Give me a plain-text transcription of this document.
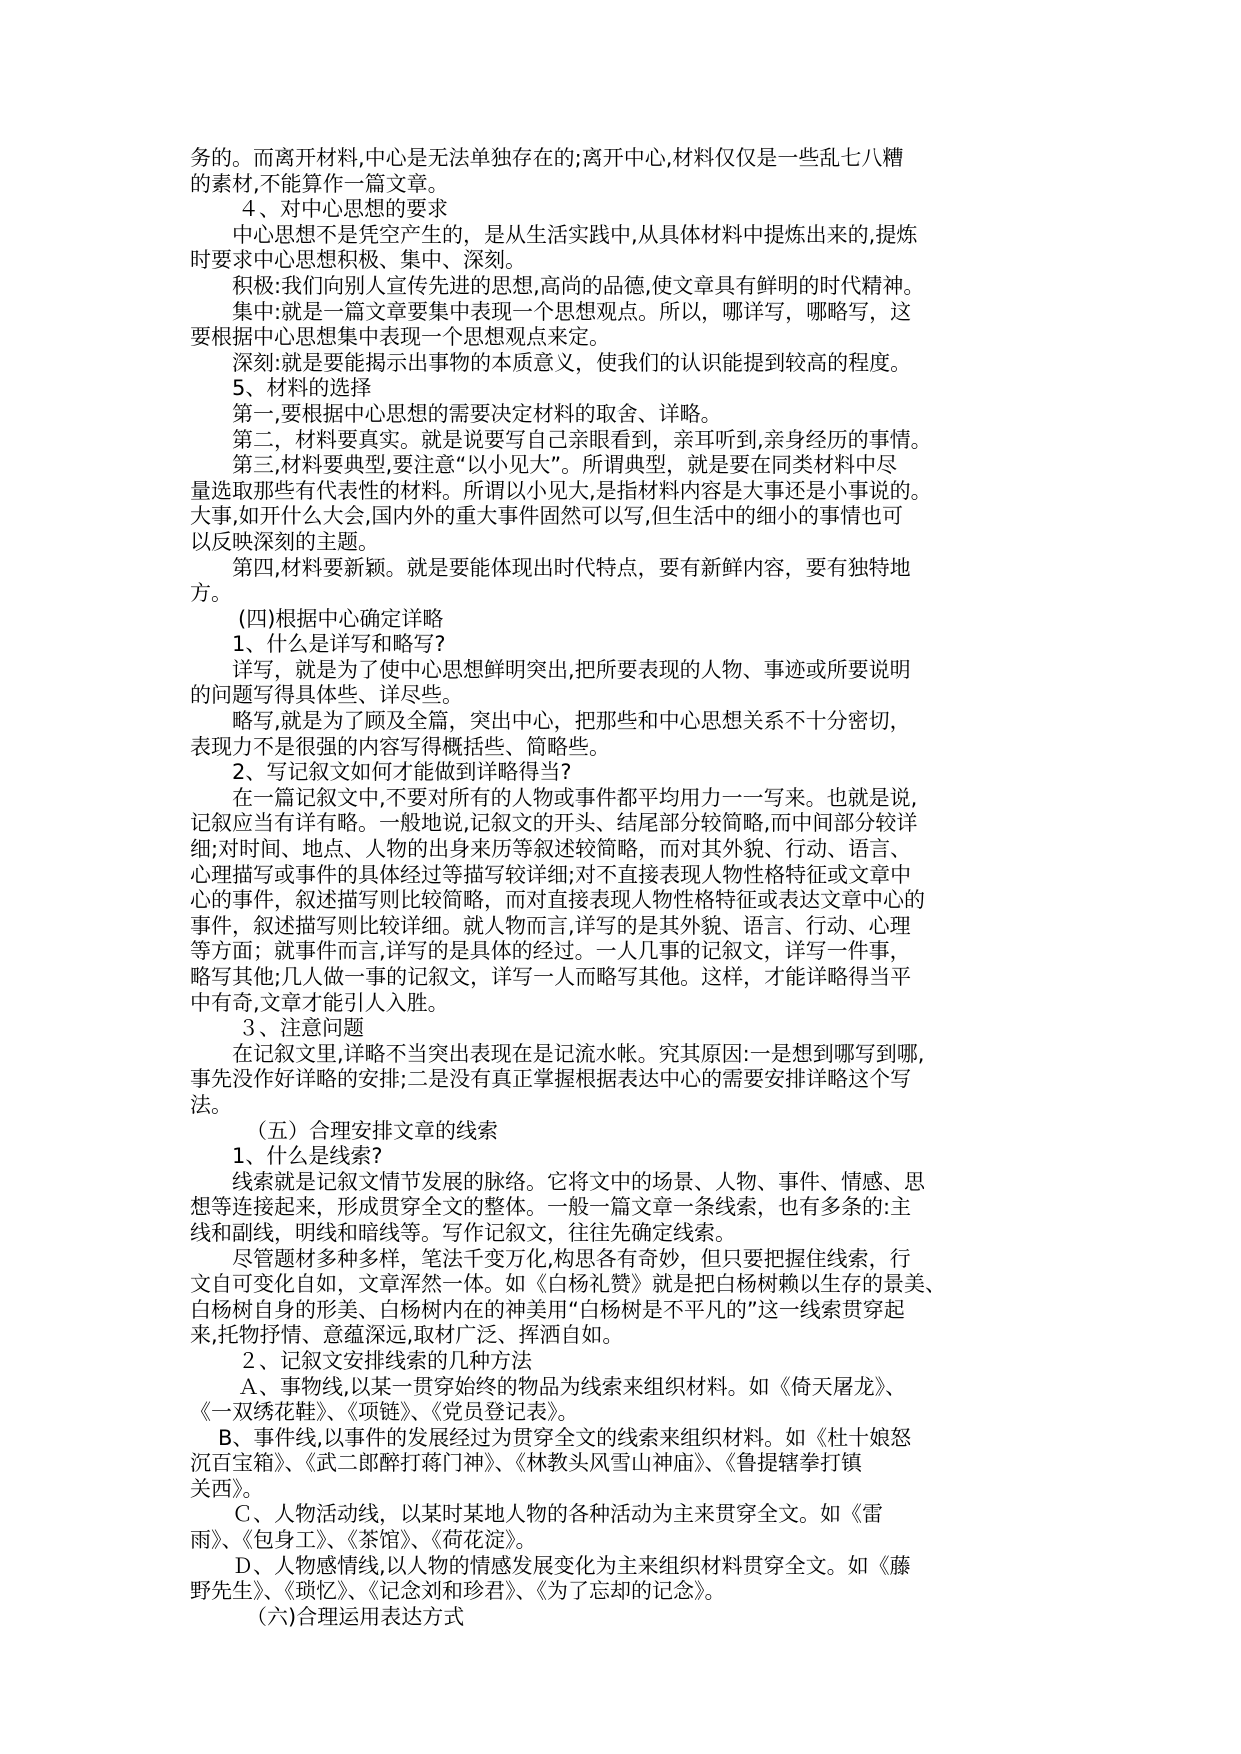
务的。而离开材料,中心是无法单独存在的;离开中心,材料仅仅是一些乱七八糟
的素材,不能算作一篇文章。
４、对中心思想的要求
中心思想不是凭空产生的，是从生活实践中,从具体材料中提炼出来的,提炼
时要求中心思想积极、集中、深刻。
积极:我们向别人宣传先进的思想,高尚的品德,使文章具有鲜明的时代精神。
集中:就是一篇文章要集中表现一个思想观点。所以，哪详写，哪略写，这
要根据中心思想集中表现一个思想观点来定。
深刻:就是要能揭示出事物的本质意义，使我们的认识能提到较高的程度。
5、材料的选择
第一,要根据中心思想的需要决定材料的取舍、详略。
第二，材料要真实。就是说要写自己亲眼看到，亲耳听到,亲身经历的事情。
第三,材料要典型,要注意“以小见大”。所谓典型，就是要在同类材料中尽
量选取那些有代表性的材料。所谓以小见大,是指材料内容是大事还是小事说的。
大事,如开什么大会,国内外的重大事件固然可以写,但生活中的细小的事情也可
以反映深刻的主题。
第四,材料要新颖。就是要能体现出时代特点，要有新鲜内容，要有独特地
方。
(四)根据中心确定详略
1、什么是详写和略写?
详写，就是为了使中心思想鲜明突出,把所要表现的人物、事迹或所要说明
的问题写得具体些、详尽些。
略写,就是为了顾及全篇，突出中心，把那些和中心思想关系不十分密切，
表现力不是很强的内容写得概括些、简略些。
2、写记叙文如何才能做到详略得当?
在一篇记叙文中,不要对所有的人物或事件都平均用力一一写来。也就是说,
记叙应当有详有略。一般地说,记叙文的开头、结尾部分较简略,而中间部分较详
细;对时间、地点、人物的出身来历等叙述较简略，而对其外貌、行动、语言、
心理描写或事件的具体经过等描写较详细;对不直接表现人物性格特征或文章中
心的事件，叙述描写则比较简略，而对直接表现人物性格特征或表达文章中心的
事件，叙述描写则比较详细。就人物而言,详写的是其外貌、语言、行动、心理
等方面；就事件而言,详写的是具体的经过。一人几事的记叙文，详写一件事，
略写其他;几人做一事的记叙文，详写一人而略写其他。这样，才能详略得当平
中有奇,文章才能引人入胜。
３、注意问题
在记叙文里,详略不当突出表现在是记流水帐。究其原因:一是想到哪写到哪,
事先没作好详略的安排;二是没有真正掌握根据表达中心的需要安排详略这个写
法。
（五）合理安排文章的线索
1、什么是线索?
线索就是记叙文情节发展的脉络。它将文中的场景、人物、事件、情感、思
想等连接起来，形成贯穿全文的整体。一般一篇文章一条线索，也有多条的:主
线和副线，明线和暗线等。写作记叙文，往往先确定线索。
尽管题材多种多样，笔法千变万化,构思各有奇妙，但只要把握住线索，行
文自可变化自如，文章浑然一体。如《白杨礼赞》就是把白杨树赖以生存的景美、
白杨树自身的形美、白杨树内在的神美用“白杨树是不平凡的”这一线索贯穿起
来,托物抒情、意蕴深远,取材广泛、挥洒自如。
２、记叙文安排线索的几种方法
Ａ、事物线,以某一贯穿始终的物品为线索来组织材料。如《倚天屠龙》、
《一双绣花鞋》、《项链》、《党员登记表》。
B、事件线,以事件的发展经过为贯穿全文的线索来组织材料。如《杜十娘怒
沉百宝箱》、《武二郎醉打蒋门神》、《林教头风雪山神庙》、《鲁提辖拳打镇
关西》。
Ｃ、人物活动线，以某时某地人物的各种活动为主来贯穿全文。如《雷
雨》、《包身工》、《茶馆》、《荷花淀》。
Ｄ、人物感情线,以人物的情感发展变化为主来组织材料贯穿全文。如《藤
野先生》、《琐忆》、《记念刘和珍君》、《为了忘却的记念》。
（六)合理运用表达方式
